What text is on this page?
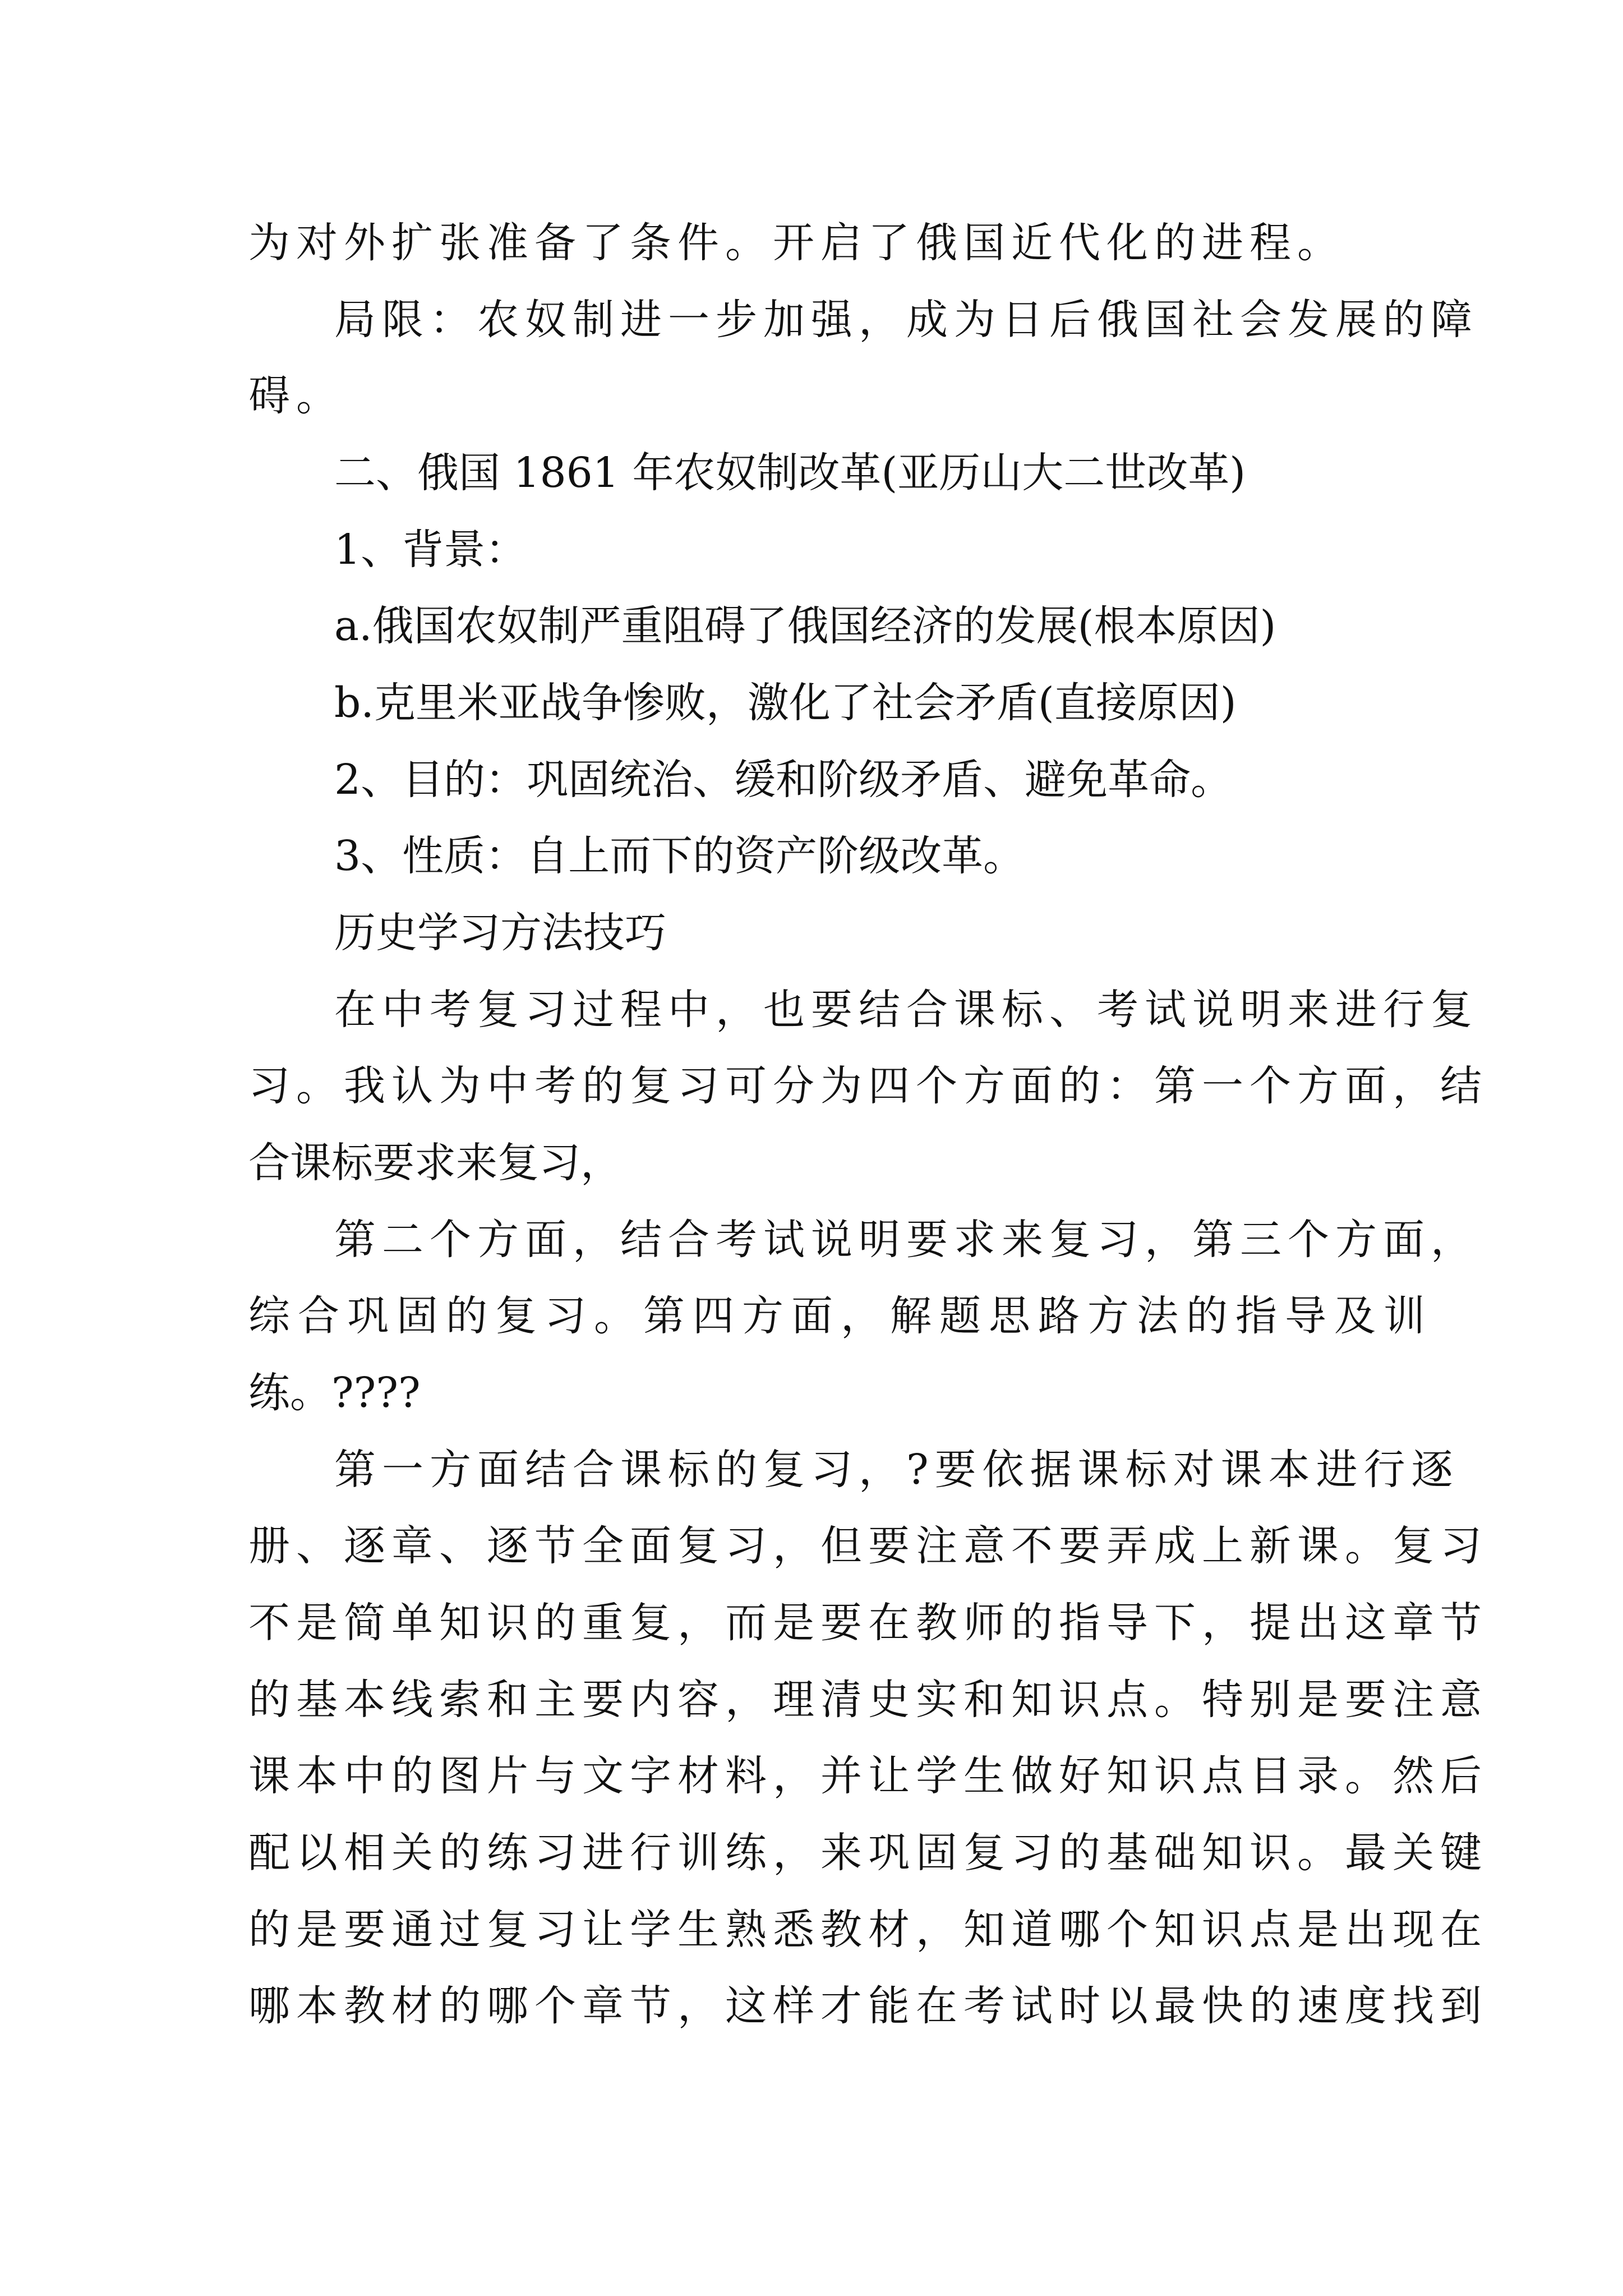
为对外扩张准备了条件。开启了俄国近代化的进程。
局限：农奴制进一步加强，成为日后俄国社会发展的障
碍。
二、俄国 1861 年农奴制改革(亚历山大二世改革)
1、背景：
a.俄国农奴制严重阻碍了俄国经济的发展(根本原因)
b.克里米亚战争惨败，激化了社会矛盾(直接原因)
2、目的：巩固统治、缓和阶级矛盾、避免革命。
3、性质：自上而下的资产阶级改革。
历史学习方法技巧
在中考复习过程中，也要结合课标、考试说明来进行复
习。我认为中考的复习可分为四个方面的：第一个方面，结
合课标要求来复习，
第二个方面，结合考试说明要求来复习，第三个方面，
综合巩固的复习。第四方面，解题思路方法的指导及训
练。????
第一方面结合课标的复习，?要依据课标对课本进行逐
册、逐章、逐节全面复习，但要注意不要弄成上新课。复习
不是简单知识的重复，而是要在教师的指导下，提出这章节
的基本线索和主要内容，理清史实和知识点。特别是要注意
课本中的图片与文字材料，并让学生做好知识点目录。然后
配以相关的练习进行训练，来巩固复习的基础知识。最关键
的是要通过复习让学生熟悉教材，知道哪个知识点是出现在
哪本教材的哪个章节，这样才能在考试时以最快的速度找到
